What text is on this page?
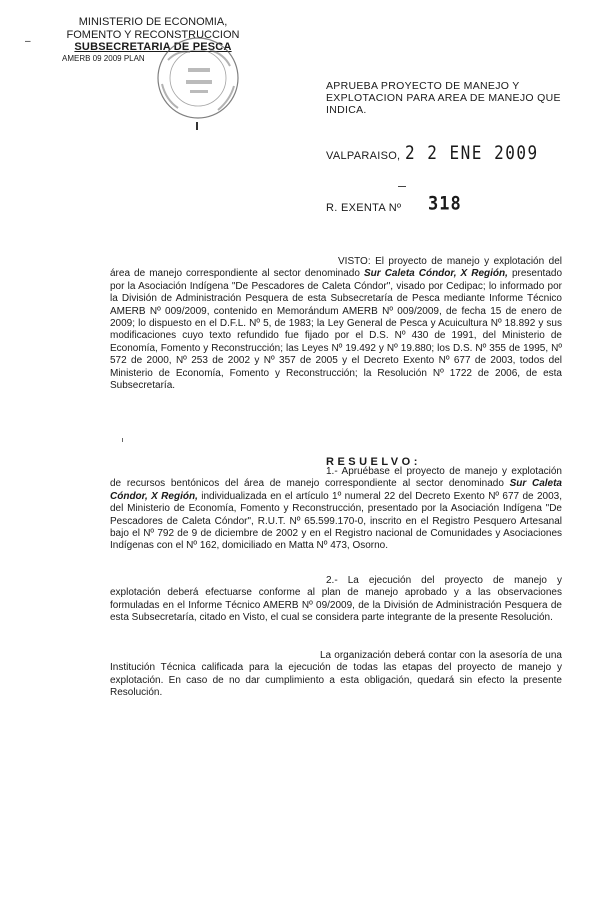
–
MINISTERIO DE ECONOMIA,
FOMENTO Y RECONSTRUCCION
SUBSECRETARIA DE PESCA
AMERB 09 2009 PLAN
APRUEBA PROYECTO DE MANEJO Y EXPLOTACION PARA AREA DE MANEJO QUE INDICA.
VALPARAISO, 2 2 ENE 2009
R. EXENTA Nº 318
VISTO: El proyecto de manejo y explotación del área de manejo correspondiente al sector denominado Sur Caleta Cóndor, X Región, presentado por la Asociación Indígena "De Pescadores de Caleta Cóndor", visado por Cedipac; lo informado por la División de Administración Pesquera de esta Subsecretaría de Pesca mediante Informe Técnico AMERB Nº 009/2009, contenido en Memorándum AMERB Nº 009/2009, de fecha 15 de enero de 2009; lo dispuesto en el D.F.L. Nº 5, de 1983; la Ley General de Pesca y Acuicultura Nº 18.892 y sus modificaciones cuyo texto refundido fue fijado por el D.S. Nº 430 de 1991, del Ministerio de Economía, Fomento y Reconstrucción; las Leyes Nº 19.492 y Nº 19.880; los D.S. Nº 355 de 1995, Nº 572 de 2000, Nº 253 de 2002 y Nº 357 de 2005 y el Decreto Exento Nº 677 de 2003, todos del Ministerio de Economía, Fomento y Reconstrucción; la Resolución Nº 1722 de 2006, de esta Subsecretaría.
RESUELVO:
1.- Apruébase el proyecto de manejo y explotación de recursos bentónicos del área de manejo correspondiente al sector denominado Sur Caleta Cóndor, X Región, individualizada en el artículo 1º numeral 22 del Decreto Exento Nº 677 de 2003, del Ministerio de Economía, Fomento y Reconstrucción, presentado por la Asociación Indígena "De Pescadores de Caleta Cóndor", R.U.T. Nº 65.599.170-0, inscrito en el Registro Pesquero Artesanal bajo el Nº 792 de 9 de diciembre de 2002 y en el Registro nacional de Comunidades y Asociaciones Indígenas con el Nº 162, domiciliado en Matta Nº 473, Osorno.
2.- La ejecución del proyecto de manejo y explotación deberá efectuarse conforme al plan de manejo aprobado y a las observaciones formuladas en el Informe Técnico AMERB Nº 09/2009, de la División de Administración Pesquera de esta Subsecretaría, citado en Visto, el cual se considera parte integrante de la presente Resolución.
La organización deberá contar con la asesoría de una Institución Técnica calificada para la ejecución de todas las etapas del proyecto de manejo y explotación. En caso de no dar cumplimiento a esta obligación, quedará sin efecto la presente Resolución.
